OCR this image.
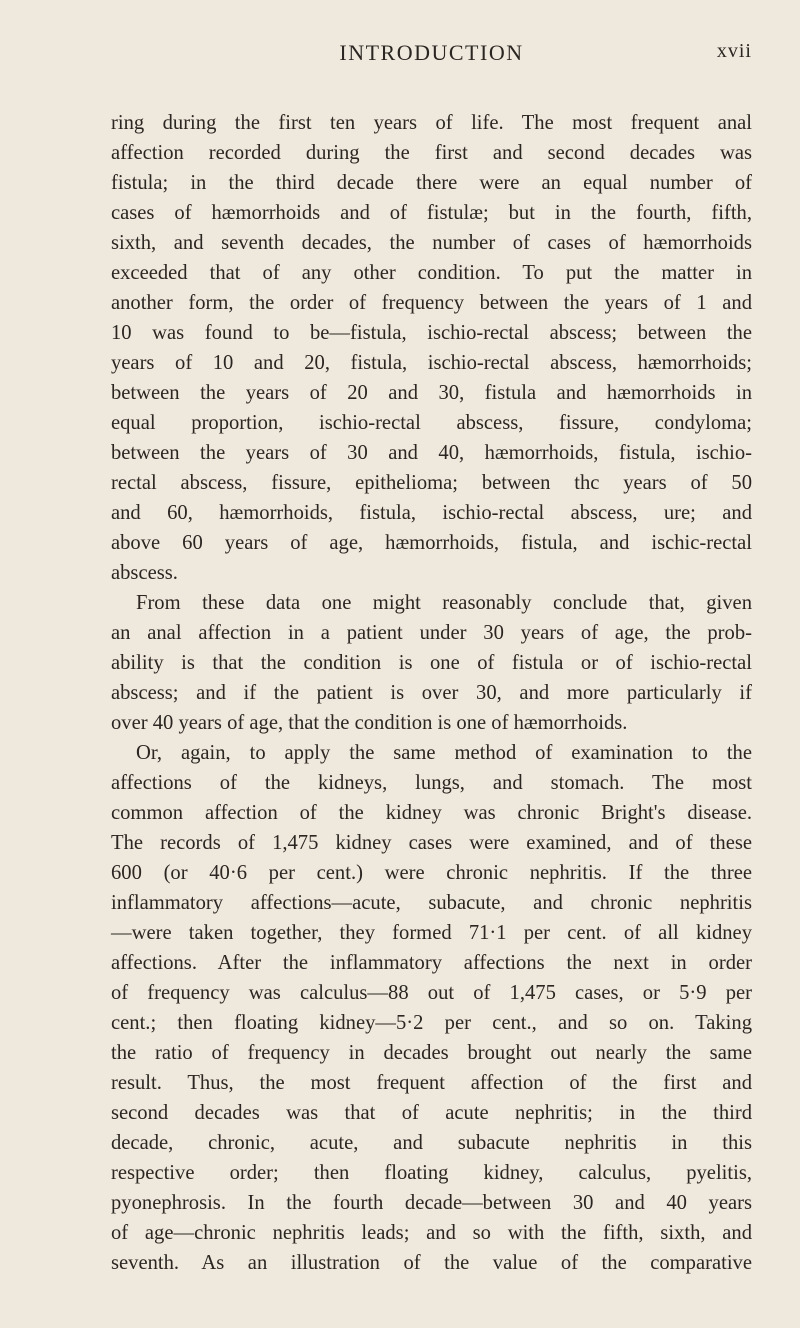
INTRODUCTION	xvii
ring during the first ten years of life. The most frequent anal
affection recorded during the first and second decades was
fistula; in the third decade there were an equal number of
cases of hæmorrhoids and of fistulæ; but in the fourth, fifth,
sixth, and seventh decades, the number of cases of hæmorrhoids
exceeded that of any other condition. To put the matter in
another form, the order of frequency between the years of 1 and
10 was found to be—fistula, ischio-rectal abscess; between the
years of 10 and 20, fistula, ischio-rectal abscess, hæmorrhoids;
between the years of 20 and 30, fistula and hæmorrhoids in
equal proportion, ischio-rectal abscess, fissure, condyloma;
between the years of 30 and 40, hæmorrhoids, fistula, ischio-
rectal abscess, fissure, epithelioma; between thc years of 50
and 60, hæmorrhoids, fistula, ischio-rectal abscess, ure; and
above 60 years of age, hæmorrhoids, fistula, and ischic-rectal
abscess.
From these data one might reasonably conclude that, given
an anal affection in a patient under 30 years of age, the prob-
ability is that the condition is one of fistula or of ischio-rectal
abscess; and if the patient is over 30, and more particularly if
over 40 years of age, that the condition is one of hæmorrhoids.
Or, again, to apply the same method of examination to the
affections of the kidneys, lungs, and stomach. The most
common affection of the kidney was chronic Bright's disease.
The records of 1,475 kidney cases were examined, and of these
600 (or 40·6 per cent.) were chronic nephritis. If the three
inflammatory affections—acute, subacute, and chronic nephritis
—were taken together, they formed 71·1 per cent. of all kidney
affections. After the inflammatory affections the next in order
of frequency was calculus—88 out of 1,475 cases, or 5·9 per
cent.; then floating kidney—5·2 per cent., and so on. Taking
the ratio of frequency in decades brought out nearly the same
result. Thus, the most frequent affection of the first and
second decades was that of acute nephritis; in the third
decade, chronic, acute, and subacute nephritis in this
respective order; then floating kidney, calculus, pyelitis,
pyonephrosis. In the fourth decade—between 30 and 40 years
of age—chronic nephritis leads; and so with the fifth, sixth, and
seventh. As an illustration of the value of the comparative
